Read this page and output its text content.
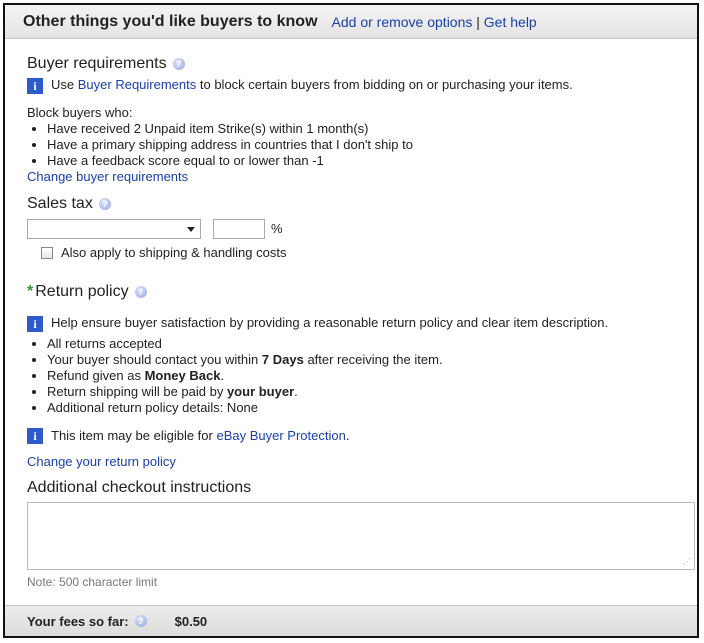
Other things you'd like buyers to know Add or remove options | Get help
Buyer requirements	?
i Use Buyer Requirements to block certain buyers from bidding on or purchasing your items.
Block buyers who:
• Have received 2 Unpaid item Strike(s) within 1 month(s)
• Have a primary shipping address in countries that I don't ship to
• Have a feedback score equal to or lower than -1
Change buyer requirements
Sales tax	?
%
Also apply to shipping & handling costs
* Return policy	?
i Help ensure buyer satisfaction by providing a reasonable return policy and clear item description.
• All returns accepted
• Your buyer should contact you within 7 Days after receiving the item.
• Refund given as Money Back.
• Return shipping will be paid by your buyer.
• Additional return policy details: None
i This item may be eligible for eBay Buyer Protection.
Change your return policy
Additional checkout instructions
⋰
Note: 500 character limit
Your fees so far:	? $0.50
